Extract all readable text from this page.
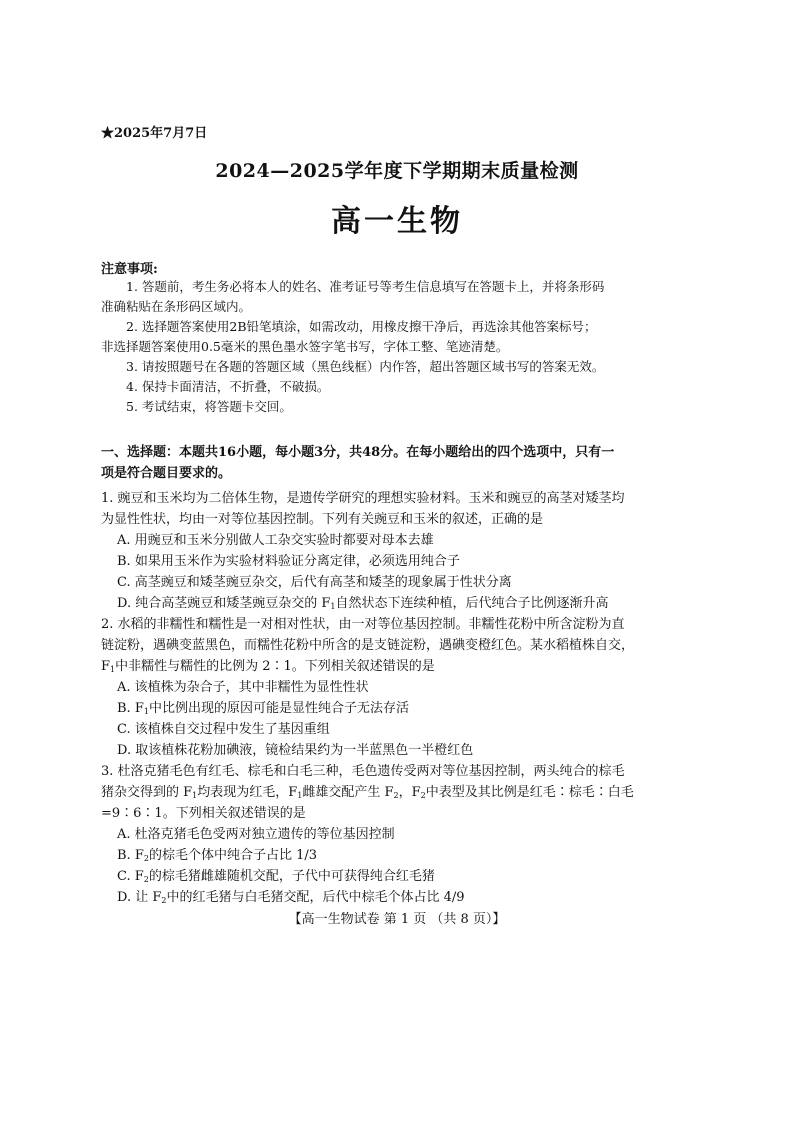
★2025年7月7日
2024—2025学年度下学期期末质量检测
高一生物
注意事项:
1. 答题前，考生务必将本人的姓名、准考证号等考生信息填写在答题卡上，并将条形码
准确粘贴在条形码区域内。
2. 选择题答案使用2B铅笔填涂，如需改动，用橡皮擦干净后，再选涂其他答案标号；
非选择题答案使用0.5毫米的黑色墨水签字笔书写，字体工整、笔迹清楚。
3. 请按照题号在各题的答题区域（黑色线框）内作答，超出答题区域书写的答案无效。
4. 保持卡面清洁，不折叠，不破损。
5. 考试结束，将答题卡交回。
一、选择题：本题共16小题，每小题3分，共48分。在每小题给出的四个选项中，只有一
项是符合题目要求的。
1. 豌豆和玉米均为二倍体生物，是遗传学研究的理想实验材料。玉米和豌豆的高茎对矮茎均
为显性性状，均由一对等位基因控制。下列有关豌豆和玉米的叙述，正确的是
A. 用豌豆和玉米分别做人工杂交实验时都要对母本去雄
B. 如果用玉米作为实验材料验证分离定律，必须选用纯合子
C. 高茎豌豆和矮茎豌豆杂交，后代有高茎和矮茎的现象属于性状分离
D. 纯合高茎豌豆和矮茎豌豆杂交的 $F_1$自然状态下连续种植，后代纯合子比例逐渐升高
2. 水稻的非糯性和糯性是一对相对性状，由一对等位基因控制。非糯性花粉中所含淀粉为直
链淀粉，遇碘变蓝黑色，而糯性花粉中所含的是支链淀粉，遇碘变橙红色。某水稻植株自交，
$F_1$中非糯性与糯性的比例为 2∶1。下列相关叙述错误的是
A. 该植株为杂合子，其中非糯性为显性性状
B. $F_1$中比例出现的原因可能是显性纯合子无法存活
C. 该植株自交过程中发生了基因重组
D. 取该植株花粉加碘液，镜检结果约为一半蓝黑色一半橙红色
3. 杜洛克猪毛色有红毛、棕毛和白毛三种，毛色遗传受两对等位基因控制，两头纯合的棕毛
猪杂交得到的 $F_1$均表现为红毛，$F_1$雌雄交配产生 $F_2$，$F_2$中表型及其比例是红毛∶棕毛∶白毛
=9∶6∶1。下列相关叙述错误的是
A. 杜洛克猪毛色受两对独立遗传的等位基因控制
B. $F_2$的棕毛个体中纯合子占比 1/3
C. $F_2$的棕毛猪雌雄随机交配，子代中可获得纯合红毛猪
D. 让 $F_2$中的红毛猪与白毛猪交配，后代中棕毛个体占比 4/9
【高一生物试卷 第 1 页 （共 8 页）】
